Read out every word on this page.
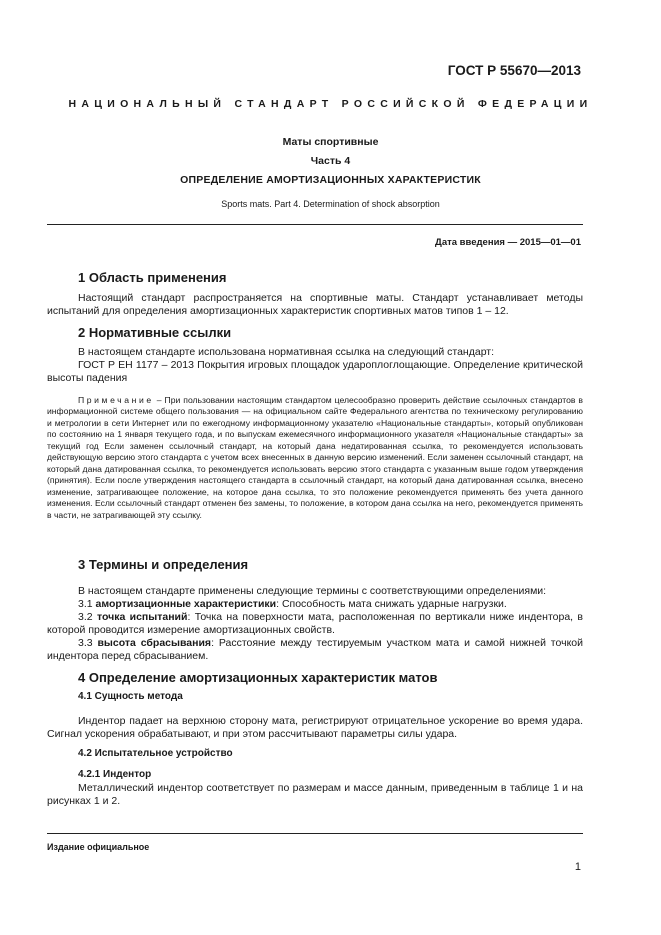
ГОСТ Р 55670—2013
НАЦИОНАЛЬНЫЙ СТАНДАРТ РОССИЙСКОЙ ФЕДЕРАЦИИ
Маты спортивные
Часть 4
ОПРЕДЕЛЕНИЕ АМОРТИЗАЦИОННЫХ ХАРАКТЕРИСТИК
Sports mats. Part 4. Determination of shock absorption
Дата введения — 2015—01—01
1 Область применения

Настоящий стандарт распространяется на спортивные маты. Стандарт устанавливает методы испытаний для определения амортизационных характеристик спортивных матов типов 1 – 12.

2 Нормативные ссылки

В настоящем стандарте использована нормативная ссылка на следующий стандарт:

ГОСТ Р ЕН 1177 – 2013 Покрытия игровых площадок удароплоглощающие. Определение критической высоты падения

Примечание – При пользовании настоящим стандартом целесообразно проверить действие ссылочных стандартов в информационной системе общего пользования — на официальном сайте Федерального агентства по техническому регулированию и метрологии в сети Интернет или по ежегодному информационному указателю «Национальные стандарты», который опубликован по состоянию на 1 января текущего года, и по выпускам ежемесячного информационного указателя «Национальные стандарты» за текущий год Если заменен ссылочный стандарт, на который дана недатированная ссылка, то рекомендуется использовать действующую версию этого стандарта с учетом всех внесенных в данную версию изменений. Если заменен ссылочный стандарт, на который дана датированная ссылка, то рекомендуется использовать версию этого стандарта с указанным выше годом утверждения (принятия). Если после утверждения настоящего стандарта в ссылочный стандарт, на который дана датированная ссылка, внесено изменение, затрагивающее положение, на которое дана ссылка, то это положение рекомендуется применять без учета данного изменения. Если ссылочный стандарт отменен без замены, то положение, в котором дана ссылка на него, рекомендуется применять в части, не затрагивающей эту ссылку.
3 Термины и определения

В настоящем стандарте применены следующие термины с соответствующими определениями:

3.1 амортизационные характеристики: Способность мата снижать ударные нагрузки.

3.2 точка испытаний: Точка на поверхности мата, расположенная по вертикали ниже индентора, в которой проводится измерение амортизационных свойств.

3.3 высота сбрасывания: Расстояние между тестируемым участком мата и самой нижней точкой индентора перед сбрасыванием.

4 Определение амортизационных характеристик матов
4.1 Сущность метода

Индентор падает на верхнюю сторону мата, регистрируют отрицательное ускорение во время удара. Сигнал ускорения обрабатывают, и при этом рассчитывают параметры силы удара.

4.2 Испытательное устройство
4.2.1 Индентор

Металлический индентор соответствует по размерам и массе данным, приведенным в таблице 1 и на рисунках 1 и 2.

Издание официальное
1
